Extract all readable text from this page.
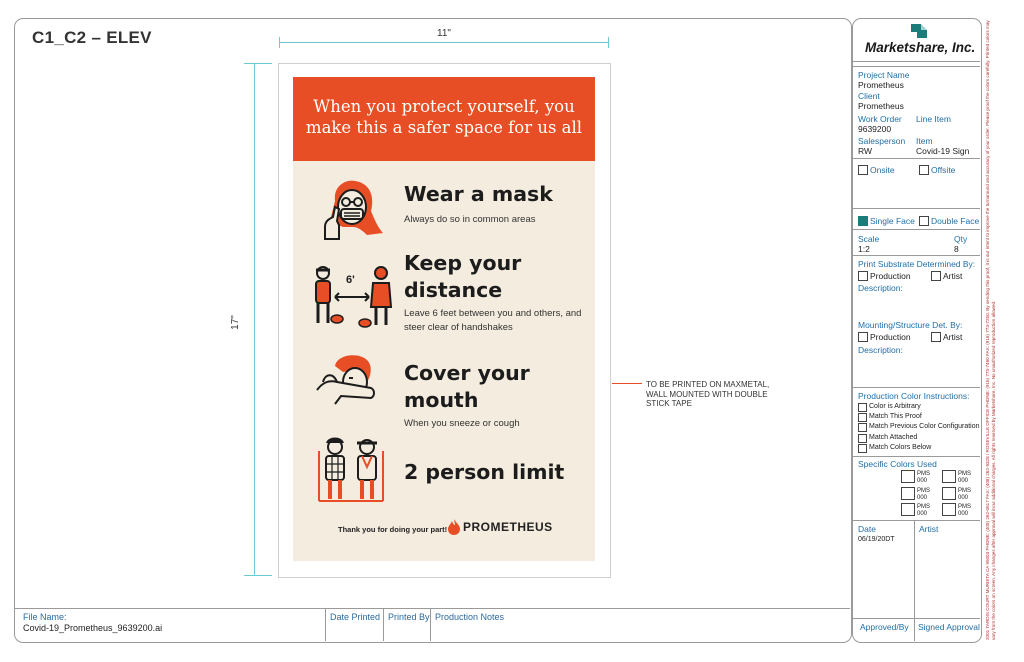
C1_C2 – ELEV	11"
17"
When you protect yourself, you make this a safer space for us all
Wear a mask
Always do so in common areas
6'
Keep your distance
Leave 6 feet between you and others, and steer clear of handshakes
Cover your mouth
When you sneeze or cough
2 person limit
Thank you for doing your part! PROMETHEUS
TO BE PRINTED ON MAXMETAL, WALL MOUNTED WITH DOUBLE STICK TAPE
File Name:
Covid-19_Prometheus_9639200.ai
Date Printed Printed By Production Notes
Marketshare, Inc.
Project Name
Prometheus
Client
Prometheus
Work Order
9639200
Line Item
Salesperson
RW
Item
Covid-19 Sign
Onsite	Offsite
Single Face Double Face
Scale
1:2
Qty
8
Print Substrate Determined By:
Production	Artist
Description:
Mounting/Structure Det. By:
Production	Artist
Description:
Production Color Instructions:
Color is Arbitrary
Match This Proof
Match Previous Color Configuration
Match Attached
Match Colors Below
Specific Colors Used
PMS
000
PMS
000
PMS
000
PMS
000
PMS
000
PMS
000
Date
06/19/20DT
Artist
Approved/By Signed Approval 2001 TARDIS COURT MURIETA CA 95003 PHONE: (408) 262-0617 FAX: (408) 262-9328 / ROSEVILLE OFFICE PHONE: (916) 773-7460 FAX: (916) 773-7250. By sending this proof, it is our intent to improve the turnaround and accuracy of your order. Please proof the colors carefully. Printed colors may vary from the colors on screen. Any changes after approval will incur additional charges. All rights reserved by Marketshare, Inc. No unauthorized reproduction allowed.
